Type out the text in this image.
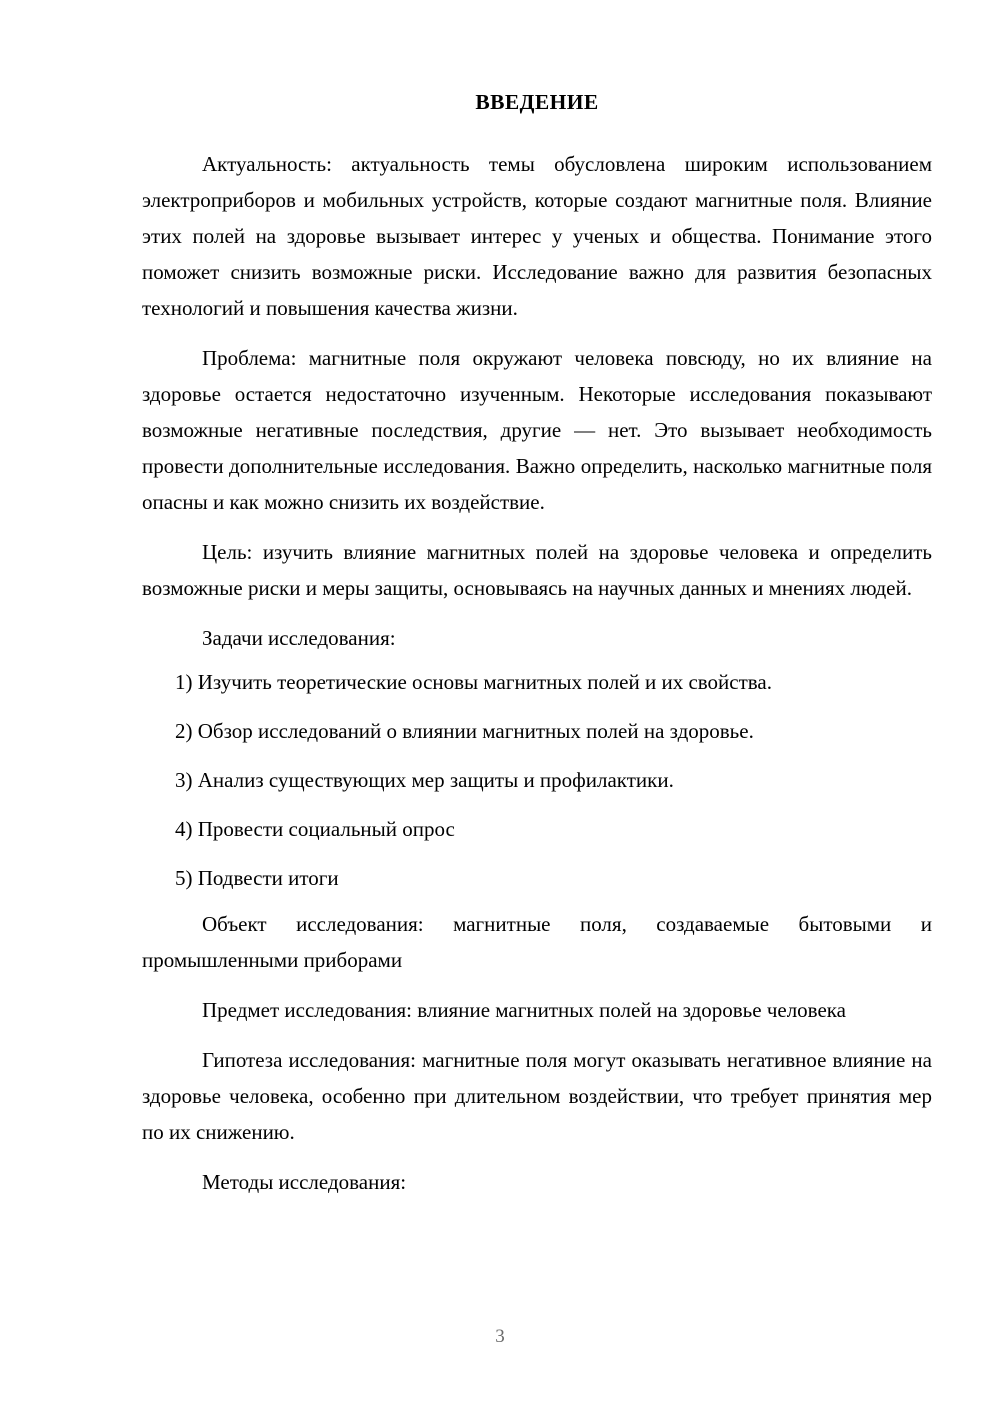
ВВЕДЕНИЕ

Актуальность: актуальность темы обусловлена широким использованием электроприборов и мобильных устройств, которые создают магнитные поля. Влияние этих полей на здоровье вызывает интерес у ученых и общества. Понимание этого поможет снизить возможные риски. Исследование важно для развития безопасных технологий и повышения качества жизни.

Проблема: магнитные поля окружают человека повсюду, но их влияние на здоровье остается недостаточно изученным. Некоторые исследования показывают возможные негативные последствия, другие — нет. Это вызывает необходимость провести дополнительные исследования. Важно определить, насколько магнитные поля опасны и как можно снизить их воздействие.

Цель: изучить влияние магнитных полей на здоровье человека и определить возможные риски и меры защиты, основываясь на научных данных и мнениях людей.

Задачи исследования:

1) Изучить теоретические основы магнитных полей и их свойства.
2) Обзор исследований о влиянии магнитных полей на здоровье.
3) Анализ существующих мер защиты и профилактики.
4) Провести социальный опрос
5) Подвести итоги

Объект исследования: магнитные поля, создаваемые бытовыми и промышленными приборами

Предмет исследования: влияние магнитных полей на здоровье человека

Гипотеза исследования: магнитные поля могут оказывать негативное влияние на здоровье человека, особенно при длительном воздействии, что требует принятия мер по их снижению.

Методы исследования:

3
